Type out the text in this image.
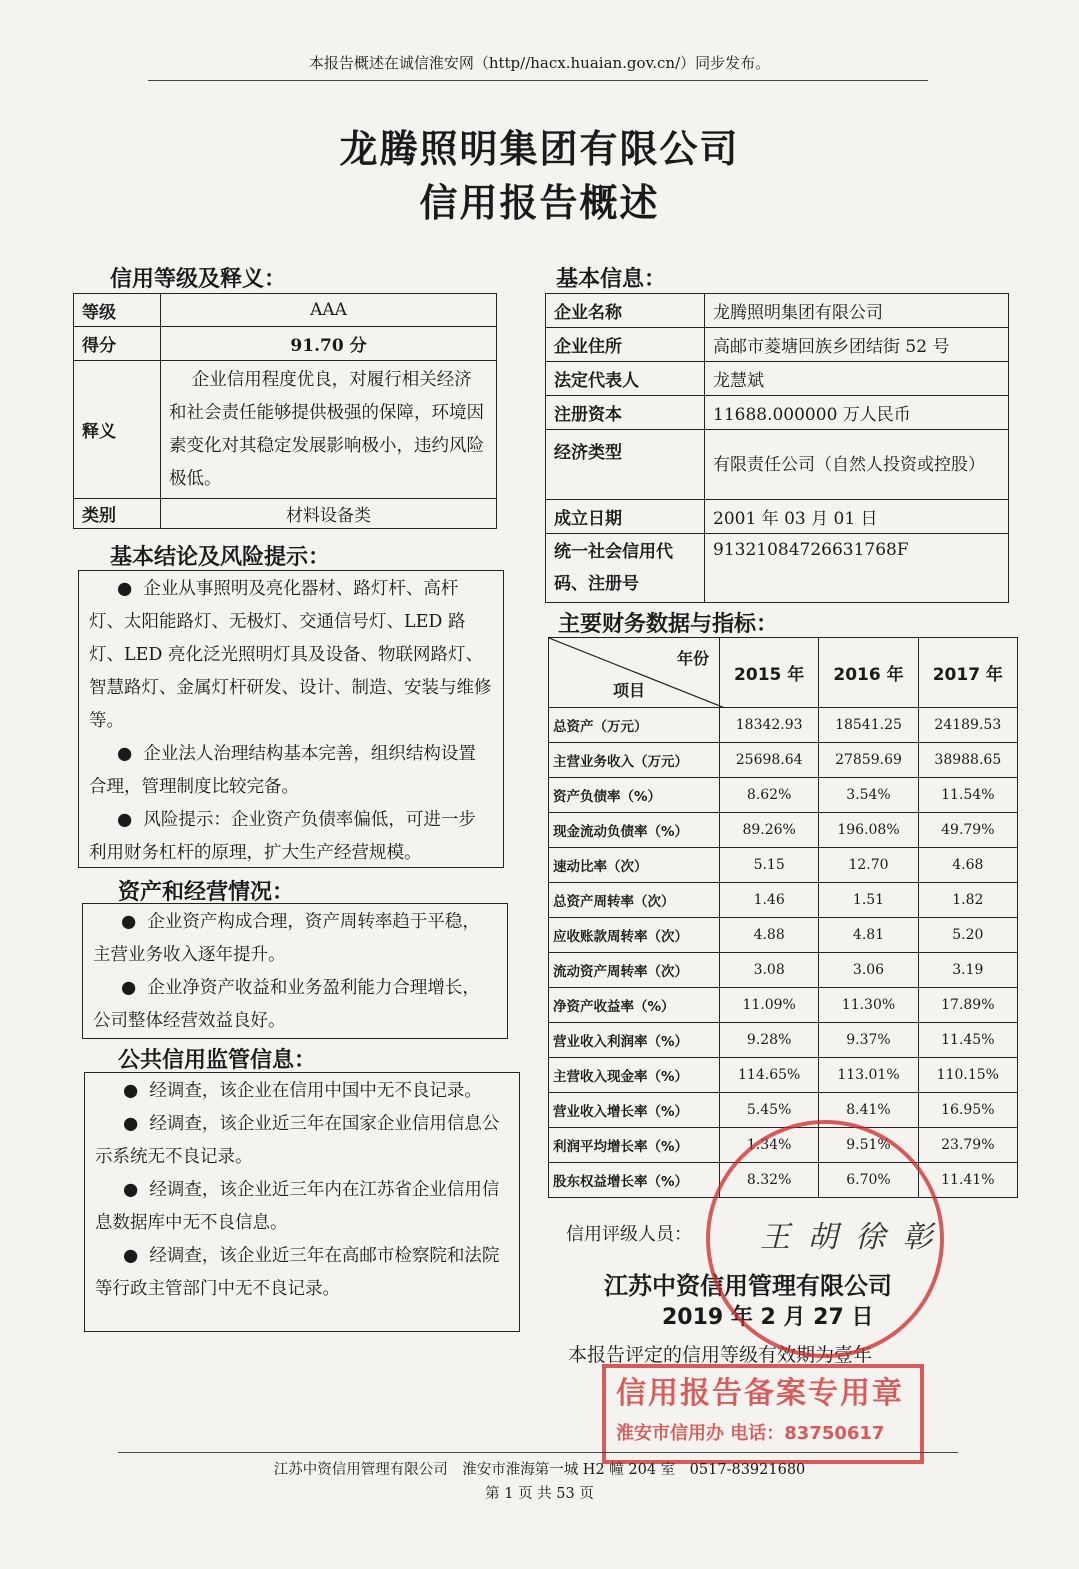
本报告概述在诚信淮安网（http//hacx.huaian.gov.cn/）同步发布。
龙腾照明集团有限公司
信用报告概述
信用等级及释义：
等级	AAA
得分	91.70 分
释义	企业信用程度优良，对履行相关经济和社会责任能够提供极强的保障，环境因素变化对其稳定发展影响极小，违约风险极低。
类别	材料设备类
基本结论及风险提示：

●  企业从事照明及亮化器材、路灯杆、高杆灯、太阳能路灯、无极灯、交通信号灯、LED 路灯、LED 亮化泛光照明灯具及设备、物联网路灯、智慧路灯、金属灯杆研发、设计、制造、安装与维修等。

●  企业法人治理结构基本完善，组织结构设置合理，管理制度比较完备。

●  风险提示：企业资产负债率偏低，可进一步利用财务杠杆的原理，扩大生产经营规模。

资产和经营情况：

●  企业资产构成合理，资产周转率趋于平稳，主营业务收入逐年提升。

●  企业净资产收益和业务盈利能力合理增长，公司整体经营效益良好。

公共信用监管信息：

●  经调查，该企业在信用中国中无不良记录。

●  经调查，该企业近三年在国家企业信用信息公示系统无不良记录。

●  经调查，该企业近三年内在江苏省企业信用信息数据库中无不良信息。

●  经调查，该企业近三年在高邮市检察院和法院等行政主管部门中无不良记录。

基本信息：
企业名称	龙腾照明集团有限公司
企业住所	高邮市菱塘回族乡团结街 52 号
法定代表人	龙慧斌
注册资本	11688.000000 万人民币
经济类型	有限责任公司（自然人投资或控股）
成立日期	2001 年 03 月 01 日
统一社会信用代码、注册号	91321084726631768F
主要财务数据与指标：
年份
项目	2015 年	2016 年	2017 年
总资产（万元）	18342.93	18541.25	24189.53
主营业务收入（万元）	25698.64	27859.69	38988.65
资产负债率（%）	8.62%	3.54%	11.54%
现金流动负债率（%）	89.26%	196.08%	49.79%
速动比率（次）	5.15	12.70	4.68
总资产周转率（次）	1.46	1.51	1.82
应收账款周转率（次）	4.88	4.81	5.20
流动资产周转率（次）	3.08	3.06	3.19
净资产收益率（%）	11.09%	11.30%	17.89%
营业收入利润率（%）	9.28%	9.37%	11.45%
主营收入现金率（%）	114.65%	113.01%	110.15%
营业收入增长率（%）	5.45%	8.41%	16.95%
利润平均增长率（%）	1.34%	9.51%	23.79%
股东权益增长率（%）	8.32%	6.70%	11.41%
信用评级人员： 王 胡 徐 彰
江苏中资信用管理有限公司
2019 年 2 月 27 日
本报告评定的信用等级有效期为壹年
信用报告备案专用章
淮安市信用办 电话：83750617
江苏中资信用管理有限公司　淮安市淮海第一城 H2 幢 204 室　0517-83921680
第 1 页 共 53 页
